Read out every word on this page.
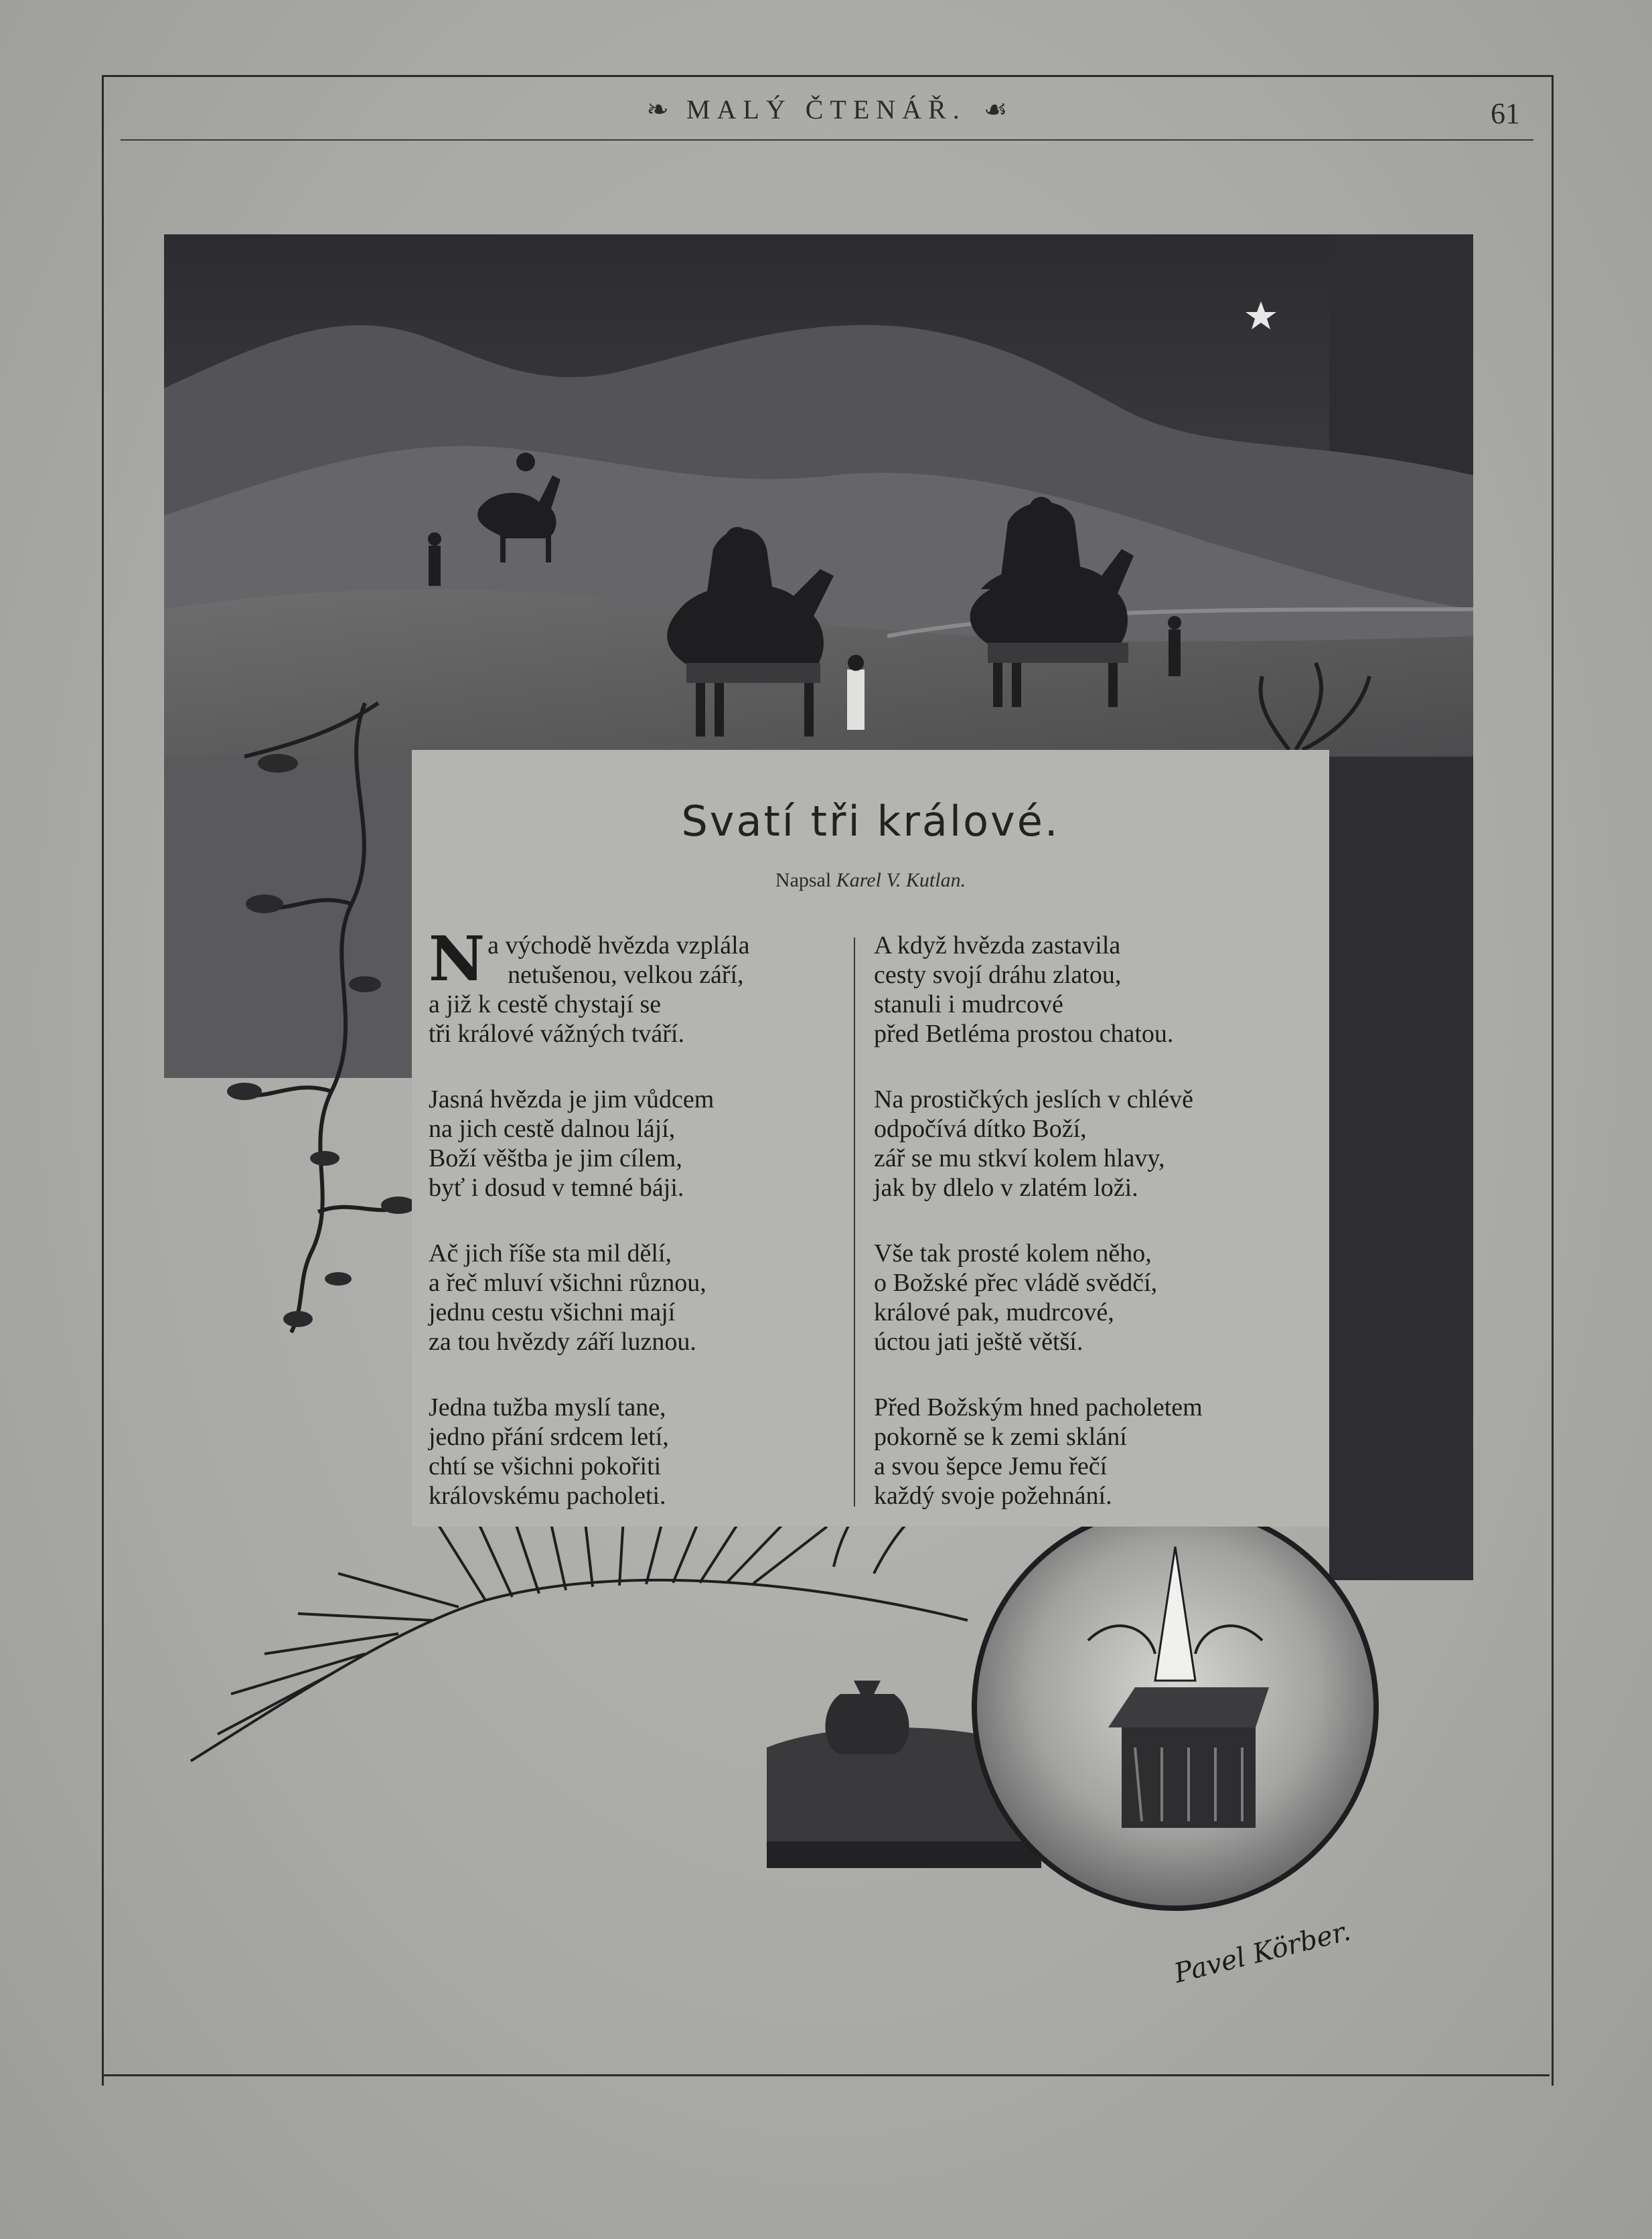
❧ MALÝ ČTENÁŘ. ☙	61
Svatí tři králové.
Napsal Karel V. Kutlan.
N a východě hvězda vzplála
netušenou, velkou září,
a již k cestě chystají se
tři králové vážných tváří.
Jasná hvězda je jim vůdcem
na jich cestě dalnou lájí,
Boží věštba je jim cílem,
byť i dosud v temné báji.
Ač jich říše sta mil dělí,
a řeč mluví všichni různou,
jednu cestu všichni mají
za tou hvězdy září luznou.
Jedna tužba myslí tane,
jedno přání srdcem letí,
chtí se všichni pokořiti
královskému pacholeti.
A když hvězda zastavila
cesty svojí dráhu zlatou,
stanuli i mudrcové
před Betléma prostou chatou.
Na prostičkých jeslích v chlévě
odpočívá dítko Boží,
zář se mu stkví kolem hlavy,
jak by dlelo v zlatém loži.
Vše tak prosté kolem něho,
o Božské přec vládě svědčí,
králové pak, mudrcové,
úctou jati ještě větší.
Před Božským hned pacholetem
pokorně se k zemi sklání
a svou šepce Jemu řečí
každý svoje požehnání.
Pavel Körber.
